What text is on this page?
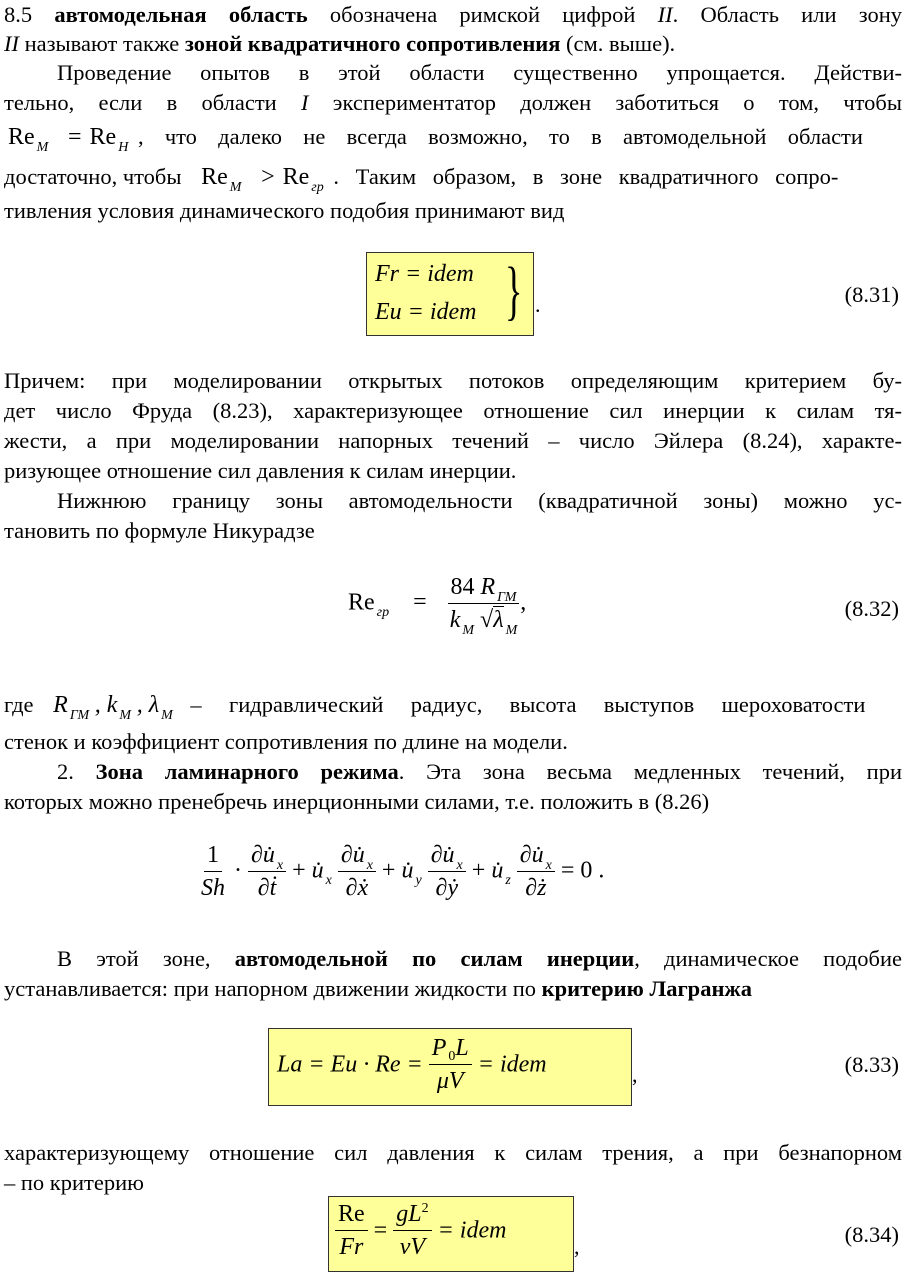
8.5 автомодельная область обозначена римской цифрой II. Область или зону
II называют также зоной квадратичного сопротивления (см. выше).
Проведение опытов в этой области существенно упрощается. Действи-
тельно, если в области I экспериментатор должен заботиться о том, чтобы
Re $_М$ = Re $_Н$ , что далеко не всегда возможно, то в автомодельной области
достаточно, чтобы Re $_М$ > Re $_{гр}$ . Таким образом, в зоне квадратичного сопро-
тивления условия динамического подобия принимают вид
Fr = idem
Eu = idem } .	(8.31)
Причем: при моделировании открытых потоков определяющим критерием бу-
дет число Фруда (8.23), характеризующее отношение сил инерции к силам тя-
жести, а при моделировании напорных течений – число Эйлера (8.24), характе-
ризующее отношение сил давления к силам инерции.
Нижнюю границу зоны автомодельности (квадратичной зоны) можно ус-
тановить по формуле Никурадзе
Re $_{гр} = \frac{84 R _{ГМ}}{k _М √\lambda _М}$ ,	(8.32)
где R $_{ГМ}$ , k $_М$ , λ $_М$ – гидравлический радиус, высота выступов шероховатости
стенок и коэффициент сопротивления по длине на модели.
2. Зона ламинарного режима. Эта зона весьма медленных течений, при
которых можно пренебречь инерционными силами, т.е. положить в (8.26)
$\frac{1}{Sh} \cdot \frac{\partial u̇ _x}{\text{∂ṫ}}$ + u̇ $_x \frac{\partial u̇ _x}{\text{∂ẋ}}$ + u̇ $_y \frac{\partial u̇ _x}{\text{∂ẏ}}$ + u̇ $_z \frac{\partial u̇ _x}{\partial ż} = 0$ .
В этой зоне, автомодельной по силам инерции, динамическое подобие
устанавливается: при напорном движении жидкости по критерию Лагранжа
$La = Eu \cdot Re = \frac{P _0L}{\mu V}$ = idem	,	(8.33)
характеризующему отношение сил давления к силам трения, а при безнапорном
– по критерию
$\frac{Re}{Fr} = \frac{gL^2}{\nu V}$ = idem
,	(8.34)
